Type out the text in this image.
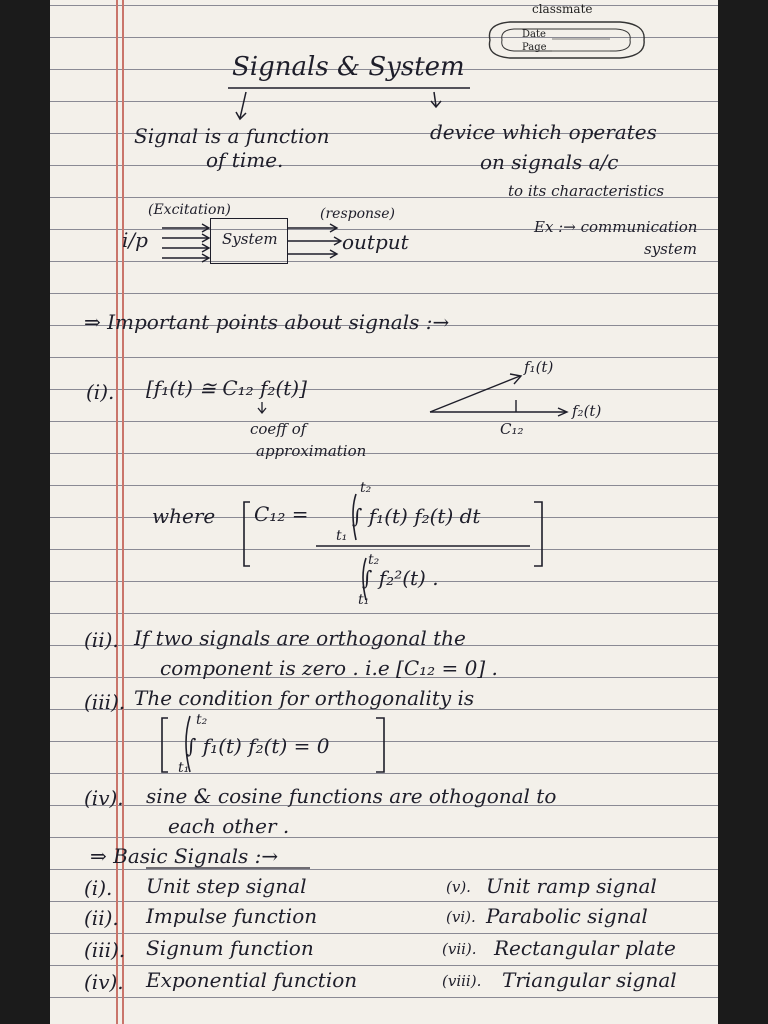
classmate
Date
Page
Signals & System
Signal is a function
of time.
device which operates
on signals a/c
to its characteristics
Ex :→ communication
system
(Excitation)
i/p	System
(response)
output
⇒ Important points about signals :→
(i). [f₁(t) ≅ C₁₂ f₂(t)]
coeff of
approximation
f₁(t)
f₂(t)
C₁₂
where C₁₂ =
t₂
t₁
∫ f₁(t) f₂(t) dt
t₂
t₁
∫ f₂²(t) .
(ii). If two signals are orthogonal the
component is zero . i.e [C₁₂ = 0] .
(iii). The condition for orthogonality is
t₂
t₁
∫ f₁(t) f₂(t) = 0
(iv). sine & cosine functions are othogonal to
each other .
⇒ Basic Signals :→
(i). Unit step signal
(ii). Impulse function
(iii). Signum function
(iv). Exponential function
(v). Unit ramp signal
(vi). Parabolic signal
(vii). Rectangular plate
(viii). Triangular signal
